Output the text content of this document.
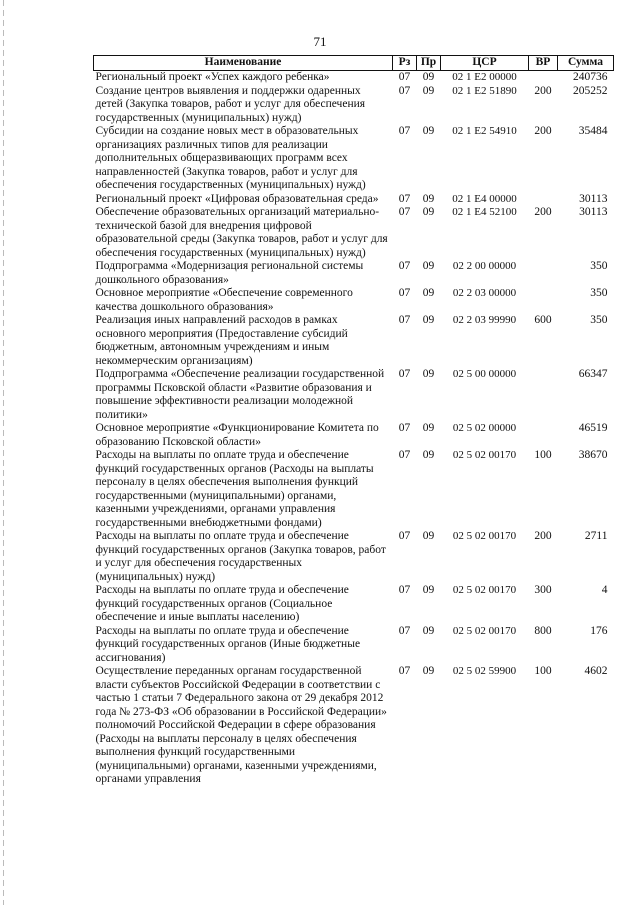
71
Наименование	Рз	Пр	ЦСР	ВР	Сумма
Региональный проект «Успех каждого ребенка»	07	09	02 1 E2 00000		240736
Создание центров выявления и поддержки одаренных детей (Закупка товаров, работ и услуг для обеспечения государственных (муниципальных) нужд)	07	09	02 1 E2 51890	200	205252
Субсидии на создание новых мест в образовательных организациях различных типов для реализации дополнительных общеразвивающих программ всех направленностей (Закупка товаров, работ и услуг для обеспечения государственных (муниципальных) нужд)	07	09	02 1 E2 54910	200	35484
Региональный проект «Цифровая образовательная среда»	07	09	02 1 E4 00000		30113
Обеспечение образовательных организаций материально-технической базой для внедрения цифровой образовательной среды (Закупка товаров, работ и услуг для обеспечения государственных (муниципальных) нужд)	07	09	02 1 E4 52100	200	30113
Подпрограмма «Модернизация региональной системы дошкольного образования»	07	09	02 2 00 00000		350
Основное мероприятие «Обеспечение современного качества дошкольного образования»	07	09	02 2 03 00000		350
Реализация иных направлений расходов в рамках основного мероприятия (Предоставление субсидий бюджетным, автономным учреждениям и иным некоммерческим организациям)	07	09	02 2 03 99990	600	350
Подпрограмма «Обеспечение реализации государственной программы Псковской области «Развитие образования и повышение эффективности реализации молодежной политики»	07	09	02 5 00 00000		66347
Основное мероприятие «Функционирование Комитета по образованию Псковской области»	07	09	02 5 02 00000		46519
Расходы на выплаты по оплате труда и обеспечение функций государственных органов (Расходы на выплаты персоналу в целях обеспечения выполнения функций государственными (муниципальными) органами, казенными учреждениями, органами управления государственными внебюджетными фондами)	07	09	02 5 02 00170	100	38670
Расходы на выплаты по оплате труда и обеспечение функций государственных органов (Закупка товаров, работ и услуг для обеспечения государственных (муниципальных) нужд)	07	09	02 5 02 00170	200	2711
Расходы на выплаты по оплате труда и обеспечение функций государственных органов (Социальное обеспечение и иные выплаты населению)	07	09	02 5 02 00170	300	4
Расходы на выплаты по оплате труда и обеспечение функций государственных органов (Иные бюджетные ассигнования)	07	09	02 5 02 00170	800	176
Осуществление переданных органам государственной власти субъектов Российской Федерации в соответствии с частью 1 статьи 7 Федерального закона от 29 декабря 2012 года № 273-ФЗ «Об образовании в Российской Федерации» полномочий Российской Федерации в сфере образования (Расходы на выплаты персоналу в целях обеспечения выполнения функций государственными (муниципальными) органами, казенными учреждениями, органами управления	07	09	02 5 02 59900	100	4602
